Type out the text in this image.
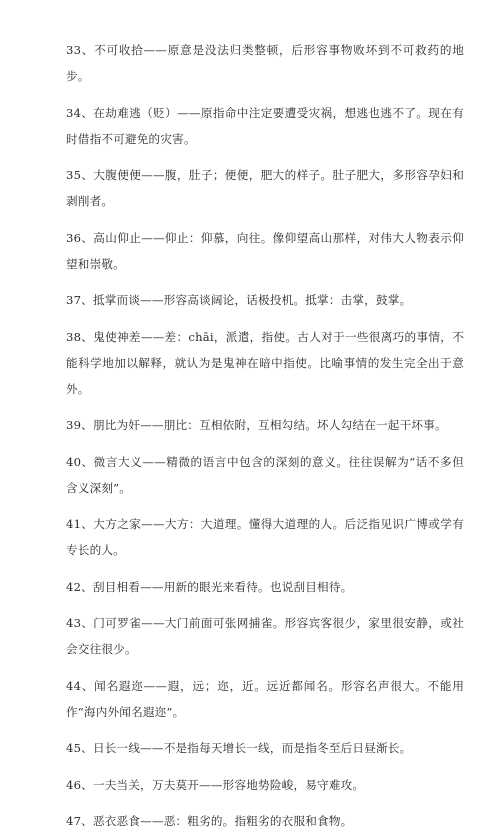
33、不可收拾——原意是没法归类整顿，后形容事物败坏到不可救药的地步。

34、在劫难逃（贬）——原指命中注定要遭受灾祸，想逃也逃不了。现在有时借指不可避免的灾害。

35、大腹便便——腹，肚子；便便，肥大的样子。肚子肥大，多形容孕妇和剥削者。

36、高山仰止——仰止：仰慕，向往。像仰望高山那样，对伟大人物表示仰望和崇敬。

37、抵掌而谈——形容高谈阔论，话极投机。抵掌：击掌，鼓掌。

38、鬼使神差——差：chāi，派遣，指使。古人对于一些很离巧的事情，不能科学地加以解释，就认为是鬼神在暗中指使。比喻事情的发生完全出于意外。

39、朋比为奸——朋比：互相依附，互相勾结。坏人勾结在一起干坏事。

40、微言大义——精微的语言中包含的深刻的意义。往往误解为“话不多但含义深刻”。

41、大方之家——大方：大道理。懂得大道理的人。后泛指见识广博或学有专长的人。

42、刮目相看——用新的眼光来看待。也说刮目相待。

43、门可罗雀——大门前面可张网捕雀。形容宾客很少，家里很安静，或社会交往很少。

44、闻名遐迩——遐，远；迩，近。远近都闻名。形容名声很大。不能用作“海内外闻名遐迩”。

45、日长一线——不是指每天增长一线，而是指冬至后日昼渐长。

46、一夫当关，万夫莫开——形容地势险峻，易守难攻。

47、恶衣恶食——恶：粗劣的。指粗劣的衣服和食物。
